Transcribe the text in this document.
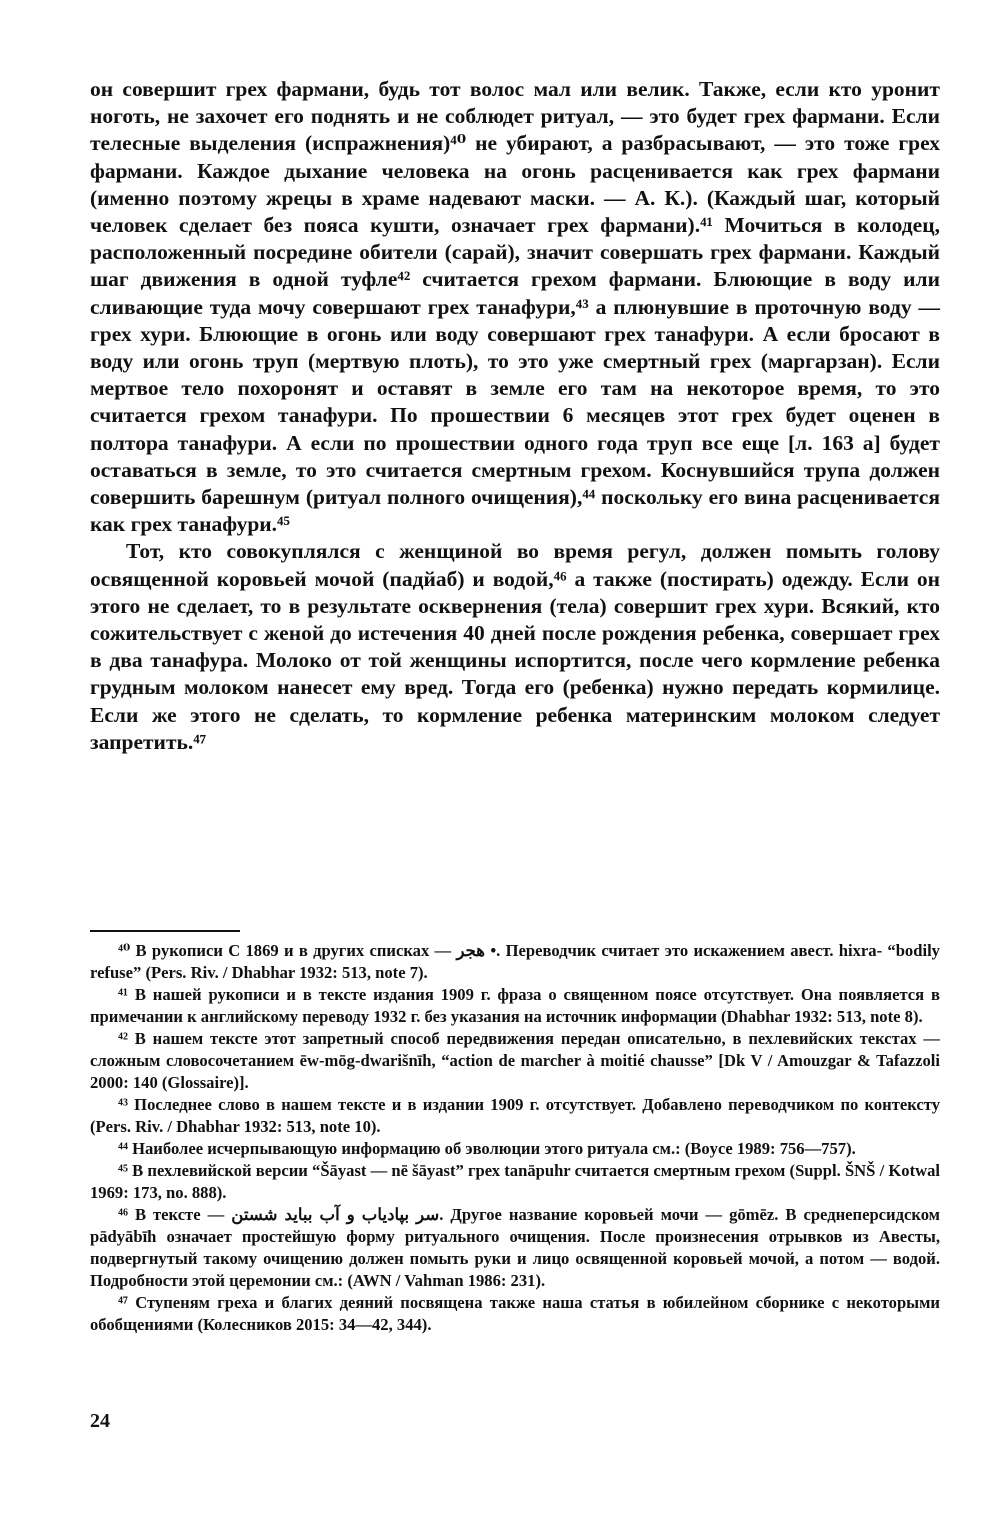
он совершит грех фармани, будь тот волос мал или велик. Также, если кто уронит ноготь, не захочет его поднять и не соблюдет ритуал, — это будет грех фармани. Если телесные выделения (испражнения)⁴⁰ не убирают, а разбрасывают, — это тоже грех фармани. Каждое дыхание человека на огонь расценивается как грех фармани (именно поэтому жрецы в храме надевают маски. — А. К.). (Каждый шаг, который человек сделает без пояса кушти, означает грех фармани).⁴¹ Мочиться в колодец, расположенный посредине обители (сарай), значит совершать грех фармани. Каждый шаг движения в одной туфле⁴² считается грехом фармани. Блюющие в воду или сливающие туда мочу совершают грех танафури,⁴³ а плюнувшие в проточную воду — грех хури. Блюющие в огонь или воду совершают грех танафури. А если бросают в воду или огонь труп (мертвую плоть), то это уже смертный грех (маргарзан). Если мертвое тело похоронят и оставят в земле его там на некоторое время, то это считается грехом танафури. По прошествии 6 месяцев этот грех будет оценен в полтора танафури. А если по прошествии одного года труп все еще [л. 163 а] будет оставаться в земле, то это считается смертным грехом. Коснувшийся трупа должен совершить барешнум (ритуал полного очищения),⁴⁴ поскольку его вина расценивается как грех танафури.⁴⁵

Тот, кто совокуплялся с женщиной во время регул, должен помыть голову освященной коровьей мочой (падйаб) и водой,⁴⁶ а также (постирать) одежду. Если он этого не сделает, то в результате осквернения (тела) совершит грех хури. Всякий, кто сожительствует с женой до истечения 40 дней после рождения ребенка, совершает грех в два танафура. Молоко от той женщины испортится, после чего кормление ребенка грудным молоком нанесет ему вред. Тогда его (ребенка) нужно передать кормилице. Если же этого не сделать, то кормление ребенка материнским молоком следует запретить.⁴⁷

⁴⁰ В рукописи С 1869 и в других списках — هجر •. Переводчик считает это искажением авест. hixra- “bodily refuse” (Pers. Riv. / Dhabhar 1932: 513, note 7).

⁴¹ В нашей рукописи и в тексте издания 1909 г. фраза о священном поясе отсутствует. Она появляется в примечании к английскому переводу 1932 г. без указания на источник информации (Dhabhar 1932: 513, note 8).

⁴² В нашем тексте этот запретный способ передвижения передан описательно, в пехлевийских текстах — сложным словосочетанием ēw-mōg-dwarišnīh, “action de marcher à moitié chausse” [Dk V / Amouzgar & Tafazzoli 2000: 140 (Glossaire)].

⁴³ Последнее слово в нашем тексте и в издании 1909 г. отсутствует. Добавлено переводчиком по контексту (Pers. Riv. / Dhabhar 1932: 513, note 10).

⁴⁴ Наиболее исчерпывающую информацию об эволюции этого ритуала см.: (Boyce 1989: 756—757).

⁴⁵ В пехлевийской версии “Šāyast — nē šāyast” грех tanāpuhr считается смертным грехом (Suppl. ŠNŠ / Kotwal 1969: 173, no. 888).

⁴⁶ В тексте — سر بپادیاب و آب بباید شستن. Другое название коровьей мочи — gōmēz. В среднеперсидском pādyābīh означает простейшую форму ритуального очищения. После произнесения отрывков из Авесты, подвергнутый такому очищению должен помыть руки и лицо освященной коровьей мочой, а потом — водой. Подробности этой церемонии см.: (AWN / Vahman 1986: 231).

⁴⁷ Ступеням греха и благих деяний посвящена также наша статья в юбилейном сборнике с некоторыми обобщениями (Колесников 2015: 34—42, 344).

24
